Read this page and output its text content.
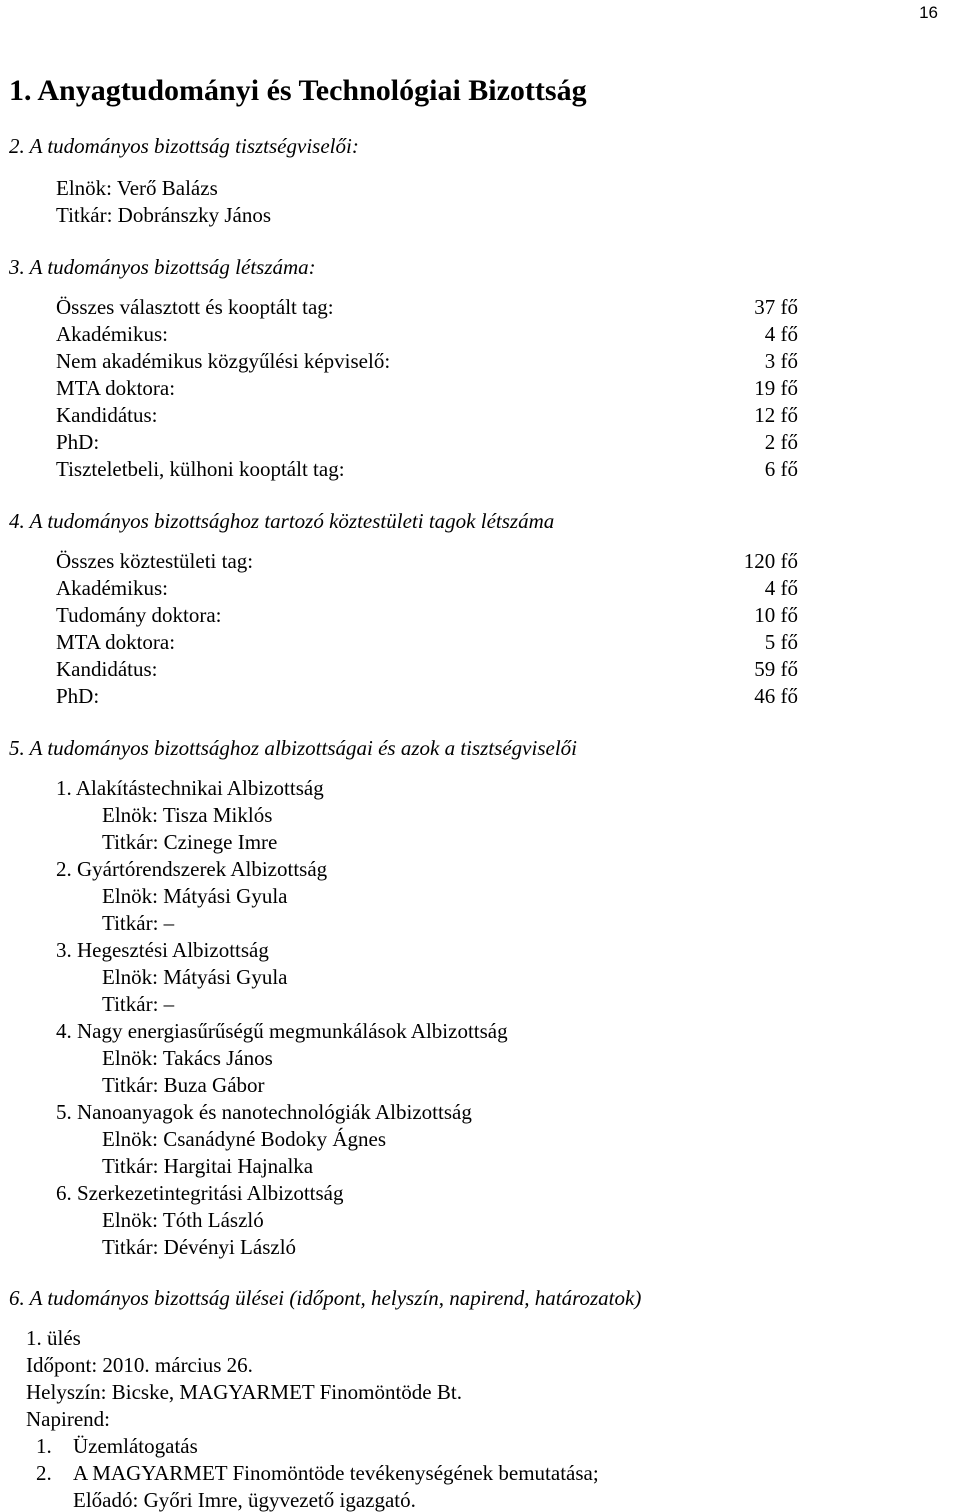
16
1. Anyagtudományi és Technológiai Bizottság
2. A tudományos bizottság tisztségviselői:
Elnök: Verő Balázs
Titkár: Dobránszky János
3. A tudományos bizottság létszáma:
Összes választott és kooptált tag:	37 fő
Akadémikus:	4 fő
Nem akadémikus közgyűlési képviselő:	3 fő
MTA doktora:	19 fő
Kandidátus:	12 fő
PhD:	2 fő
Tiszteletbeli, külhoni kooptált tag:	6 fő
4. A tudományos bizottsághoz tartozó köztestületi tagok létszáma
Összes köztestületi tag:	120 fő
Akadémikus:	4 fő
Tudomány doktora:	10 fő
MTA doktora:	5 fő
Kandidátus:	59 fő
PhD:	46 fő
5. A tudományos bizottsághoz albizottságai és azok a tisztségviselői
1. Alakítástechnikai Albizottság
Elnök: Tisza Miklós
Titkár: Czinege Imre
2. Gyártórendszerek Albizottság
Elnök: Mátyási Gyula
Titkár: –
3. Hegesztési Albizottság
Elnök: Mátyási Gyula
Titkár: –
4. Nagy energiasűrűségű megmunkálások Albizottság
Elnök: Takács János
Titkár: Buza Gábor
5. Nanoanyagok és nanotechnológiák Albizottság
Elnök: Csanádyné Bodoky Ágnes
Titkár: Hargitai Hajnalka
6. Szerkezetintegritási Albizottság
Elnök: Tóth László
Titkár: Dévényi László
6. A tudományos bizottság ülései (időpont, helyszín, napirend, határozatok)
1. ülés
Időpont: 2010. március 26.
Helyszín: Bicske, MAGYARMET Finomöntöde Bt.
Napirend:
1. Üzemlátogatás
2. A MAGYARMET Finomöntöde tevékenységének bemutatása;
Előadó: Győri Imre, ügyvezető igazgató.
